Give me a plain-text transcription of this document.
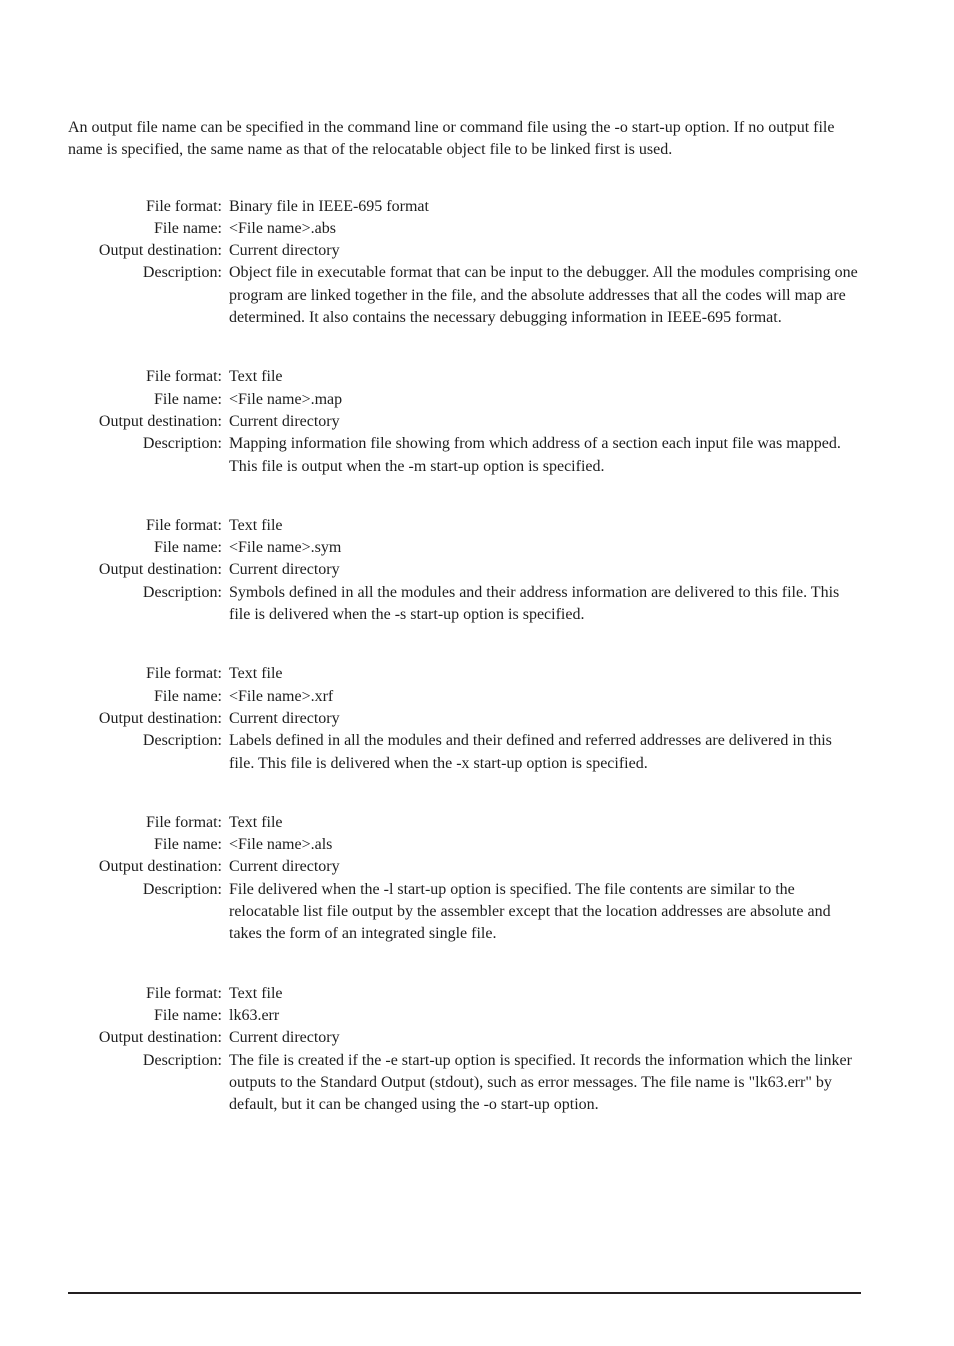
An output file name can be specified in the command line or command file using the -o start-up option. If no output file name is specified, the same name as that of the relocatable object file to be linked first is used.

File format: Binary file in IEEE-695 format
File name: <File name>.abs
Output destination: Current directory
Description: Object file in executable format that can be input to the debugger. All the modules comprising one program are linked together in the file, and the absolute addresses that all the codes will map are determined. It also contains the necessary debugging information in IEEE-695 format.
File format: Text file
File name: <File name>.map
Output destination: Current directory
Description: Mapping information file showing from which address of a section each input file was mapped. This file is output when the -m start-up option is specified.
File format: Text file
File name: <File name>.sym
Output destination: Current directory
Description: Symbols defined in all the modules and their address information are delivered to this file. This file is delivered when the -s start-up option is specified.
File format: Text file
File name: <File name>.xrf
Output destination: Current directory
Description: Labels defined in all the modules and their defined and referred addresses are delivered in this file. This file is delivered when the -x start-up option is specified.
File format: Text file
File name: <File name>.als
Output destination: Current directory
Description: File delivered when the -l start-up option is specified. The file contents are similar to the relocatable list file output by the assembler except that the location addresses are absolute and takes the form of an integrated single file.
File format: Text file
File name: lk63.err
Output destination: Current directory
Description: The file is created if the -e start-up option is specified. It records the information which the linker outputs to the Standard Output (stdout), such as error messages. The file name is "lk63.err" by default, but it can be changed using the -o start-up option.
